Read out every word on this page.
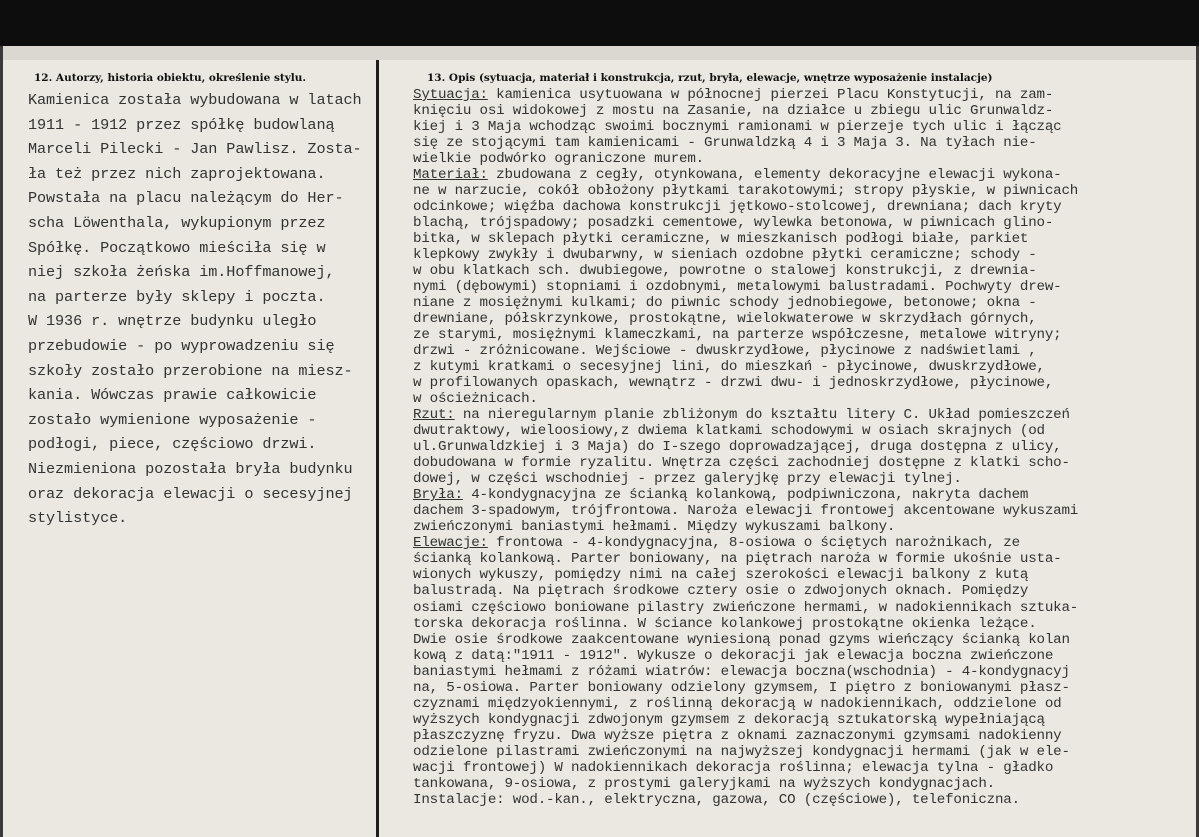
12. Autorzy, historia obiektu, określenie stylu.	13. Opis (sytuacja, materiał i konstrukcja, rzut, bryła, elewacje, wnętrze wyposażenie instalacje)
Kamienica została wybudowana w latach
1911 - 1912 przez spółkę budowlaną
Marceli Pilecki - Jan Pawlisz. Zosta-
ła też przez nich zaprojektowana.
Powstała na placu należącym do Her-
scha Löwenthala, wykupionym przez
Spółkę. Początkowo mieściła się w
niej szkoła żeńska im.Hoffmanowej,
na parterze były sklepy i poczta.
W 1936 r. wnętrze budynku uległo
przebudowie - po wyprowadzeniu się
szkoły zostało przerobione na miesz-
kania. Wówczas prawie całkowicie
zostało wymienione wyposażenie -
podłogi, piece, częściowo drzwi.
Niezmieniona pozostała bryła budynku
oraz dekoracja elewacji o secesyjnej
stylistyce.
Sytuacja: kamienica usytuowana w północnej pierzei Placu Konstytucji, na zam-
knięciu osi widokowej z mostu na Zasanie, na działce u zbiegu ulic Grunwaldz-
kiej i 3 Maja wchodząc swoimi bocznymi ramionami w pierzeje tych ulic i łącząc
się ze stojącymi tam kamienicami - Grunwaldzką 4 i 3 Maja 3. Na tyłach nie-
wielkie podwórko ograniczone murem.
Materiał: zbudowana z cegły, otynkowana, elementy dekoracyjne elewacji wykona-
ne w narzucie, cokół obłożony płytkami tarakotowymi; stropy płyskie, w piwnicach
odcinkowe; więźba dachowa konstrukcji jętkowo-stolcowej, drewniana; dach kryty
blachą, trójspadowy; posadzki cementowe, wylewka betonowa, w piwnicach glino-
bitka, w sklepach płytki ceramiczne, w mieszkanisch podłogi białe, parkiet
klepkowy zwykły i dwubarwny, w sieniach ozdobne płytki ceramiczne; schody -
w obu klatkach sch. dwubiegowe, powrotne o stalowej konstrukcji, z drewnia-
nymi (dębowymi) stopniami i ozdobnymi, metalowymi balustradami. Pochwyty drew-
niane z mosiężnymi kulkami; do piwnic schody jednobiegowe, betonowe; okna -
drewniane, półskrzynkowe, prostokątne, wielokwaterowe w skrzydłach górnych,
ze starymi, mosiężnymi klameczkami, na parterze współczesne, metalowe witryny;
drzwi - zróżnicowane. Wejściowe - dwuskrzydłowe, płycinowe z nadświetlami ,
z kutymi kratkami o secesyjnej lini, do mieszkań - płycinowe, dwuskrzydłowe,
w profilowanych opaskach, wewnątrz - drzwi dwu- i jednoskrzydłowe, płycinowe,
w ościeżnicach.
Rzut: na nieregularnym planie zbliżonym do kształtu litery C. Układ pomieszczeń
dwutraktowy, wieloosiowy,z dwiema klatkami schodowymi w osiach skrajnych (od
ul.Grunwaldzkiej i 3 Maja) do I-szego doprowadzającej, druga dostępna z ulicy,
dobudowana w formie ryzalitu. Wnętrza części zachodniej dostępne z klatki scho-
dowej, w części wschodniej - przez galeryjkę przy elewacji tylnej.
Bryła: 4-kondygnacyjna ze ścianką kolankową, podpiwniczona, nakryta dachem
dachem 3-spadowym, trójfrontowa. Naroża elewacji frontowej akcentowane wykuszami
zwieńczonymi baniastymi hełmami. Między wykuszami balkony.
Elewacje: frontowa - 4-kondygnacyjna, 8-osiowa o ściętych narożnikach, ze
ścianką kolankową. Parter boniowany, na piętrach naroża w formie ukośnie usta-
wionych wykuszy, pomiędzy nimi na całej szerokości elewacji balkony z kutą
balustradą. Na piętrach środkowe cztery osie o zdwojonych oknach. Pomiędzy
osiami częściowo boniowane pilastry zwieńczone hermami, w nadokiennikach sztuka-
torska dekoracja roślinna. W ściance kolankowej prostokątne okienka leżące.
Dwie osie środkowe zaakcentowane wyniesioną ponad gzyms wieńczący ścianką kolan
kową z datą:"1911 - 1912". Wykusze o dekoracji jak elewacja boczna zwieńczone
baniastymi hełmami z różami wiatrów: elewacja boczna(wschodnia) - 4-kondygnacyj
na, 5-osiowa. Parter boniowany odzielony gzymsem, I piętro z boniowanymi płasz-
czyznami międzyokiennymi, z roślinną dekoracją w nadokiennikach, oddzielone od
wyższych kondygnacji zdwojonym gzymsem z dekoracją sztukatorską wypełniającą
płaszczyznę fryzu. Dwa wyższe piętra z oknami zaznaczonymi gzymsami nadokienny
odzielone pilastrami zwieńczonymi na najwyższej kondygnacji hermami (jak w ele-
wacji frontowej) W nadokiennikach dekoracja roślinna; elewacja tylna - gładko
tankowana, 9-osiowa, z prostymi galeryjkami na wyższych kondygnacjach.
Instalacje: wod.-kan., elektryczna, gazowa, CO (częściowe), telefoniczna.
